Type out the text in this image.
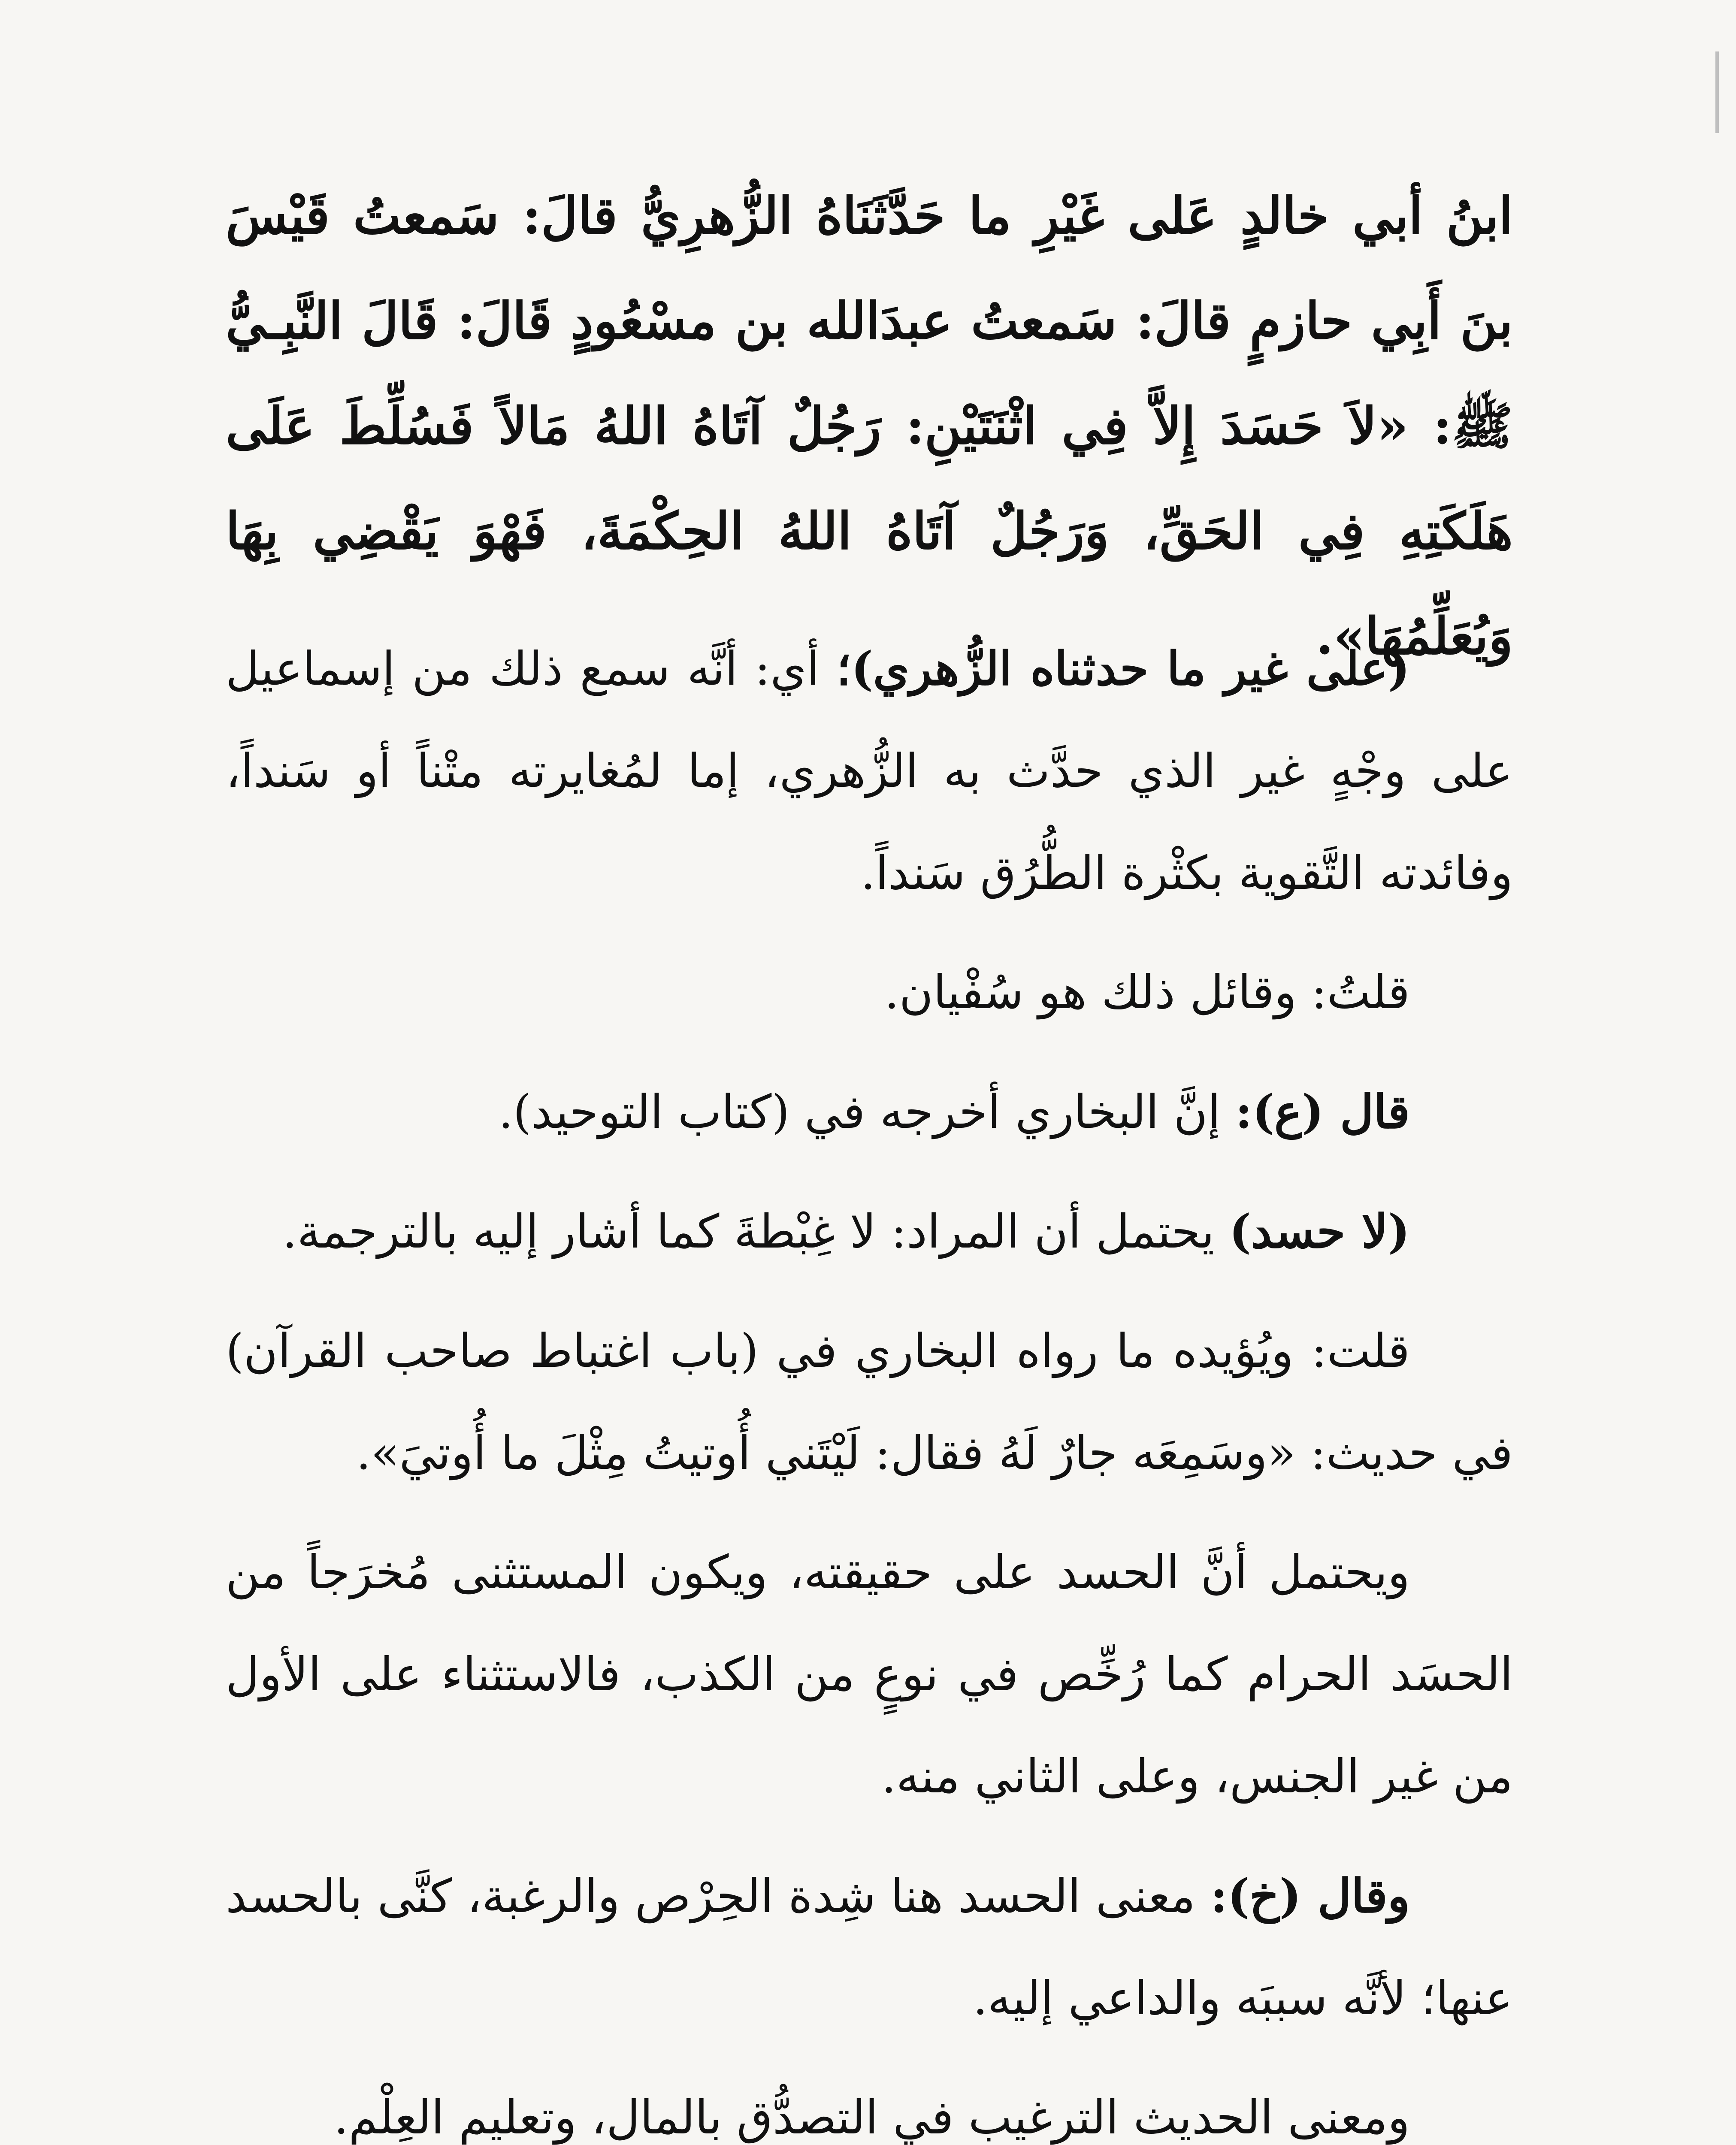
ابنُ أبي خالدٍ عَلى غَيْرِ ما حَدَّثَنَاهُ الزُّهرِيُّ قالَ: سَمعتُ قَيْسَ بنَ أَبِي حازمٍ قالَ: سَمعتُ عبدَالله بن مسْعُودٍ قَالَ: قَالَ النَّبِـيُّ ﷺ: «لاَ حَسَدَ إِلاَّ فِي اثْنَتَيْنِ: رَجُلٌ آتَاهُ اللهُ مَالاً فَسُلِّطَ عَلَى هَلَكَتِهِ فِي الحَقِّ، وَرَجُلٌ آتَاهُ اللهُ الحِكْمَةَ، فَهْوَ يَقْضِي بِهَا وَيُعَلِّمُهَا».

(على غير ما حدثناه الزُّهري)؛ أي: أنَّه سمع ذلك من إسماعيل على وجْهٍ غير الذي حدَّث به الزُّهري، إما لمُغايرته متْناً أو سَنداً، وفائدته التَّقوية بكثْرة الطُّرُق سَنداً.

قلتُ: وقائل ذلك هو سُفْيان.

قال (ع): إنَّ البخاري أخرجه في (كتاب التوحيد).

(لا حسد) يحتمل أن المراد: لا غِبْطةَ كما أشار إليه بالترجمة.

قلت: ويُؤيده ما رواه البخاري في (باب اغتباط صاحب القرآن) في حديث: «وسَمِعَه جارٌ لَهُ فقال: لَيْتَني أُوتيتُ مِثْلَ ما أُوتيَ».

ويحتمل أنَّ الحسد على حقيقته، ويكون المستثنى مُخرَجاً من الحسَد الحرام كما رُخِّص في نوعٍ من الكذب، فالاستثناء على الأول من غير الجنس، وعلى الثاني منه.

وقال (خ): معنى الحسد هنا شِدة الحِرْص والرغبة، كنَّى بالحسد عنها؛ لأنَّه سببَه والداعي إليه.

ومعنى الحديث الترغيب في التصدُّق بالمال، وتعليم العِلْم.
